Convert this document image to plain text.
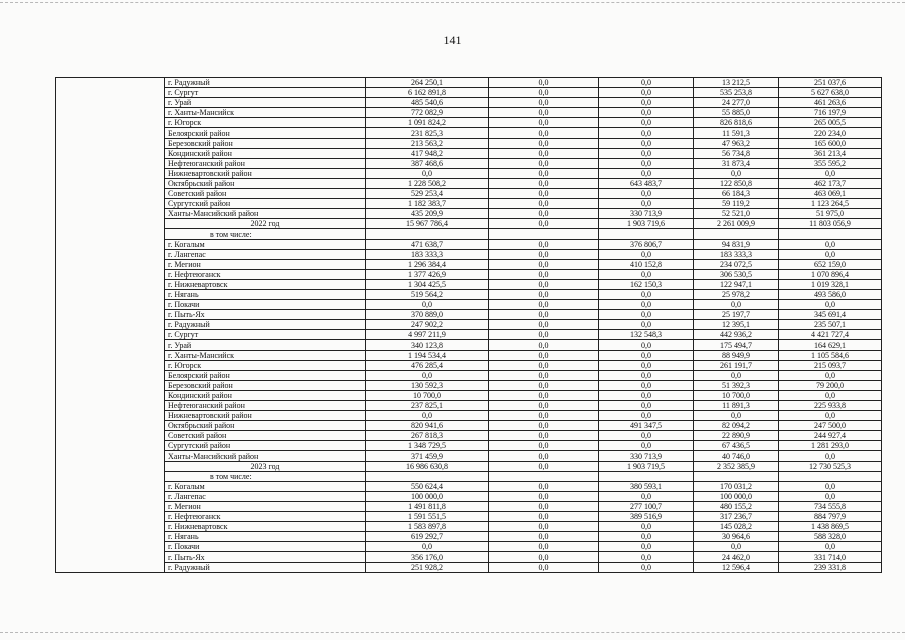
141
	г. Радужный	264 250,1	0,0	0,0	13 212,5	251 037,6
	г. Сургут	6 162 891,8	0,0	0,0	535 253,8	5 627 638,0
	г. Урай	485 540,6	0,0	0,0	24 277,0	461 263,6
	г. Ханты-Мансийск	772 082,9	0,0	0,0	55 885,0	716 197,9
	г. Югорск	1 091 824,2	0,0	0,0	826 818,6	265 005,5
	Белоярский район	231 825,3	0,0	0,0	11 591,3	220 234,0
	Березовский район	213 563,2	0,0	0,0	47 963,2	165 600,0
	Кондинский район	417 948,2	0,0	0,0	56 734,8	361 213,4
	Нефтеюганский район	387 468,6	0,0	0,0	31 873,4	355 595,2
	Нижневартовский район	0,0	0,0	0,0	0,0	0,0
	Октябрьский район	1 228 508,2	0,0	643 483,7	122 850,8	462 173,7
	Советский район	529 253,4	0,0	0,0	66 184,3	463 069,1
	Сургутский район	1 182 383,7	0,0	0,0	59 119,2	1 123 264,5
	Ханты-Мансийский район	435 209,9	0,0	330 713,9	52 521,0	51 975,0
	2022 год	15 967 786,4	0,0	1 903 719,6	2 261 009,9	11 803 056,9
	в том числе:					
	г. Когалым	471 638,7	0,0	376 806,7	94 831,9	0,0
	г. Лангепас	183 333,3	0,0	0,0	183 333,3	0,0
	г. Мегион	1 296 384,4	0,0	410 152,8	234 072,5	652 159,0
	г. Нефтеюганск	1 377 426,9	0,0	0,0	306 530,5	1 070 896,4
	г. Нижневартовск	1 304 425,5	0,0	162 150,3	122 947,1	1 019 328,1
	г. Нягань	519 564,2	0,0	0,0	25 978,2	493 586,0
	г. Покачи	0,0	0,0	0,0	0,0	0,0
	г. Пыть-Ях	370 889,0	0,0	0,0	25 197,7	345 691,4
	г. Радужный	247 902,2	0,0	0,0	12 395,1	235 507,1
	г. Сургут	4 997 211,9	0,0	132 548,3	442 936,2	4 421 727,4
	г. Урай	340 123,8	0,0	0,0	175 494,7	164 629,1
	г. Ханты-Мансийск	1 194 534,4	0,0	0,0	88 949,9	1 105 584,6
	г. Югорск	476 285,4	0,0	0,0	261 191,7	215 093,7
	Белоярский район	0,0	0,0	0,0	0,0	0,0
	Березовский район	130 592,3	0,0	0,0	51 392,3	79 200,0
	Кондинский район	10 700,0	0,0	0,0	10 700,0	0,0
	Нефтеюганский район	237 825,1	0,0	0,0	11 891,3	225 933,8
	Нижневартовский район	0,0	0,0	0,0	0,0	0,0
	Октябрьский район	820 941,6	0,0	491 347,5	82 094,2	247 500,0
	Советский район	267 818,3	0,0	0,0	22 890,9	244 927,4
	Сургутский район	1 348 729,5	0,0	0,0	67 436,5	1 281 293,0
	Ханты-Мансийский район	371 459,9	0,0	330 713,9	40 746,0	0,0
	2023 год	16 986 630,8	0,0	1 903 719,5	2 352 385,9	12 730 525,3
	в том числе:					
	г. Когалым	550 624,4	0,0	380 593,1	170 031,2	0,0
	г. Лангепас	100 000,0	0,0	0,0	100 000,0	0,0
	г. Мегион	1 491 811,8	0,0	277 100,7	480 155,2	734 555,8
	г. Нефтеюганск	1 591 551,5	0,0	389 516,9	317 236,7	884 797,9
	г. Нижневартовск	1 583 897,8	0,0	0,0	145 028,2	1 438 869,5
	г. Нягань	619 292,7	0,0	0,0	30 964,6	588 328,0
	г. Покачи	0,0	0,0	0,0	0,0	0,0
	г. Пыть-Ях	356 176,0	0,0	0,0	24 462,0	331 714,0
	г. Радужный	251 928,2	0,0	0,0	12 596,4	239 331,8
